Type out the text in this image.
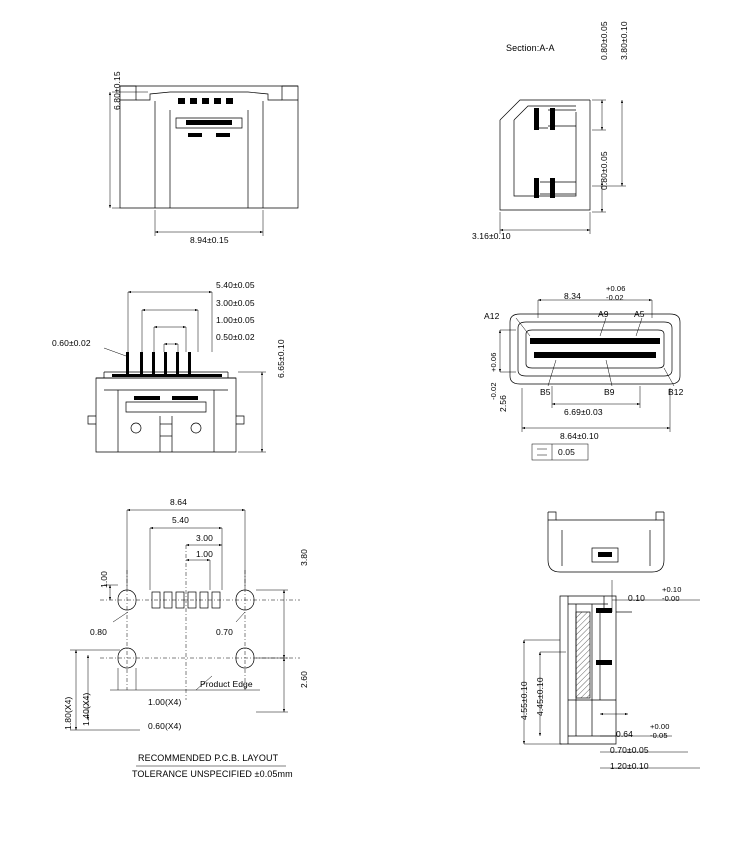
Section:A-A
6.80±0.15
8.94±0.15
0.80±0.05 3.80±0.10
0.80±0.05
3.16±0.10
5.40±0.05
3.00±0.05
1.00±0.05
0.50±0.02
0.60±0.02	6.65±0.10
8.34
+0.06
-0.02
A12	A9	A5
B5	B9	B12
2.56
+0.06
-0.02
6.69±0.03
8.64±0.10
0.05
8.64
5.40
3.00
1.00
1.00
3.80
0.80	0.70
2.60
1.80(X4) 1.40(X4)	1.00(X4)
0.60(X4)
Product Edge
RECOMMENDED P.C.B. LAYOUT
TOLERANCE UNSPECIFIED ±0.05mm
0.10
+0.10
-0.00
0.64
+0.00
-0.05
0.70±0.05
1.20±0.10
4.55±0.10 4.45±0.10
